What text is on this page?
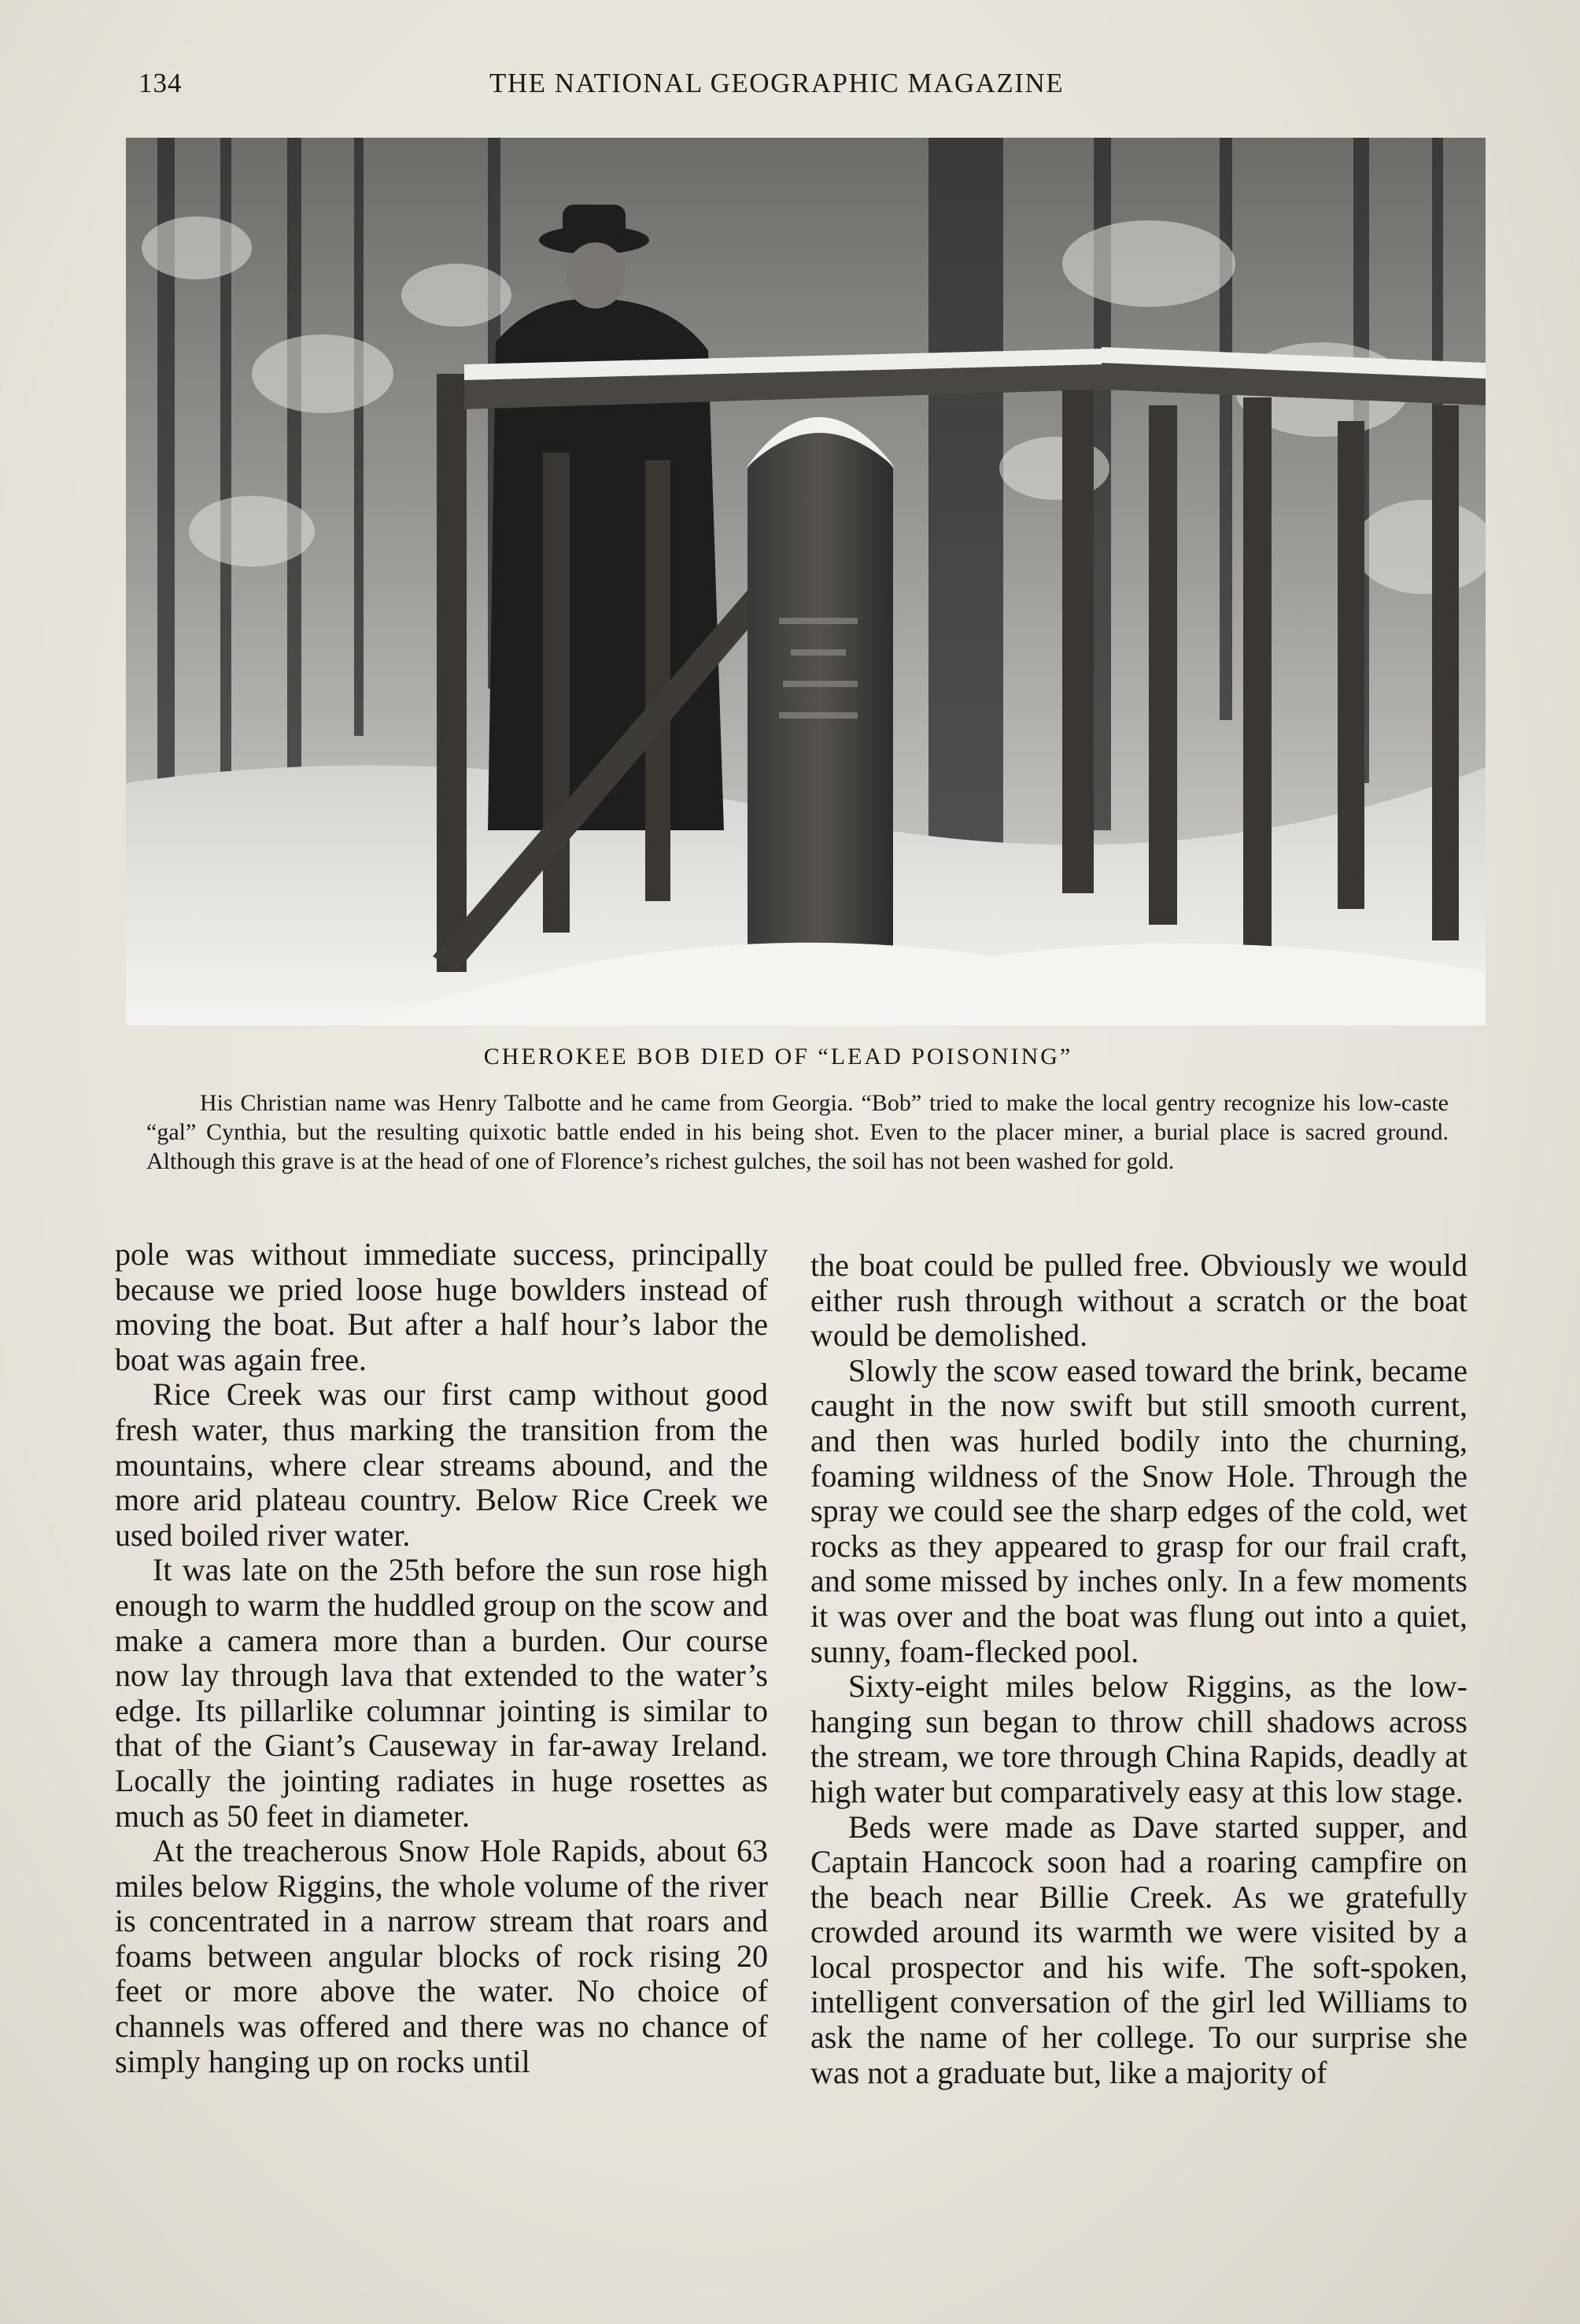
134	THE NATIONAL GEOGRAPHIC MAGAZINE
CHEROKEE BOB DIED OF “LEAD POISONING”
His Christian name was Henry Talbotte and he came from Georgia. “Bob” tried to make the local gentry recognize his low-caste “gal” Cynthia, but the resulting quixotic battle ended in his being shot. Even to the placer miner, a burial place is sacred ground. Although this grave is at the head of one of Florence’s richest gulches, the soil has not been washed for gold.

pole was without immediate success, principally because we pried loose huge bowlders instead of moving the boat. But after a half hour’s labor the boat was again free.

Rice Creek was our first camp without good fresh water, thus marking the transition from the mountains, where clear streams abound, and the more arid plateau country. Below Rice Creek we used boiled river water.

It was late on the 25th before the sun rose high enough to warm the huddled group on the scow and make a camera more than a burden. Our course now lay through lava that extended to the water’s edge. Its pillarlike columnar jointing is similar to that of the Giant’s Causeway in far-away Ireland. Locally the jointing radiates in huge rosettes as much as 50 feet in diameter.

At the treacherous Snow Hole Rapids, about 63 miles below Riggins, the whole volume of the river is concentrated in a narrow stream that roars and foams between angular blocks of rock rising 20 feet or more above the water. No choice of channels was offered and there was no chance of simply hanging up on rocks until

the boat could be pulled free. Obviously we would either rush through without a scratch or the boat would be demolished.

Slowly the scow eased toward the brink, became caught in the now swift but still smooth current, and then was hurled bodily into the churning, foaming wildness of the Snow Hole. Through the spray we could see the sharp edges of the cold, wet rocks as they appeared to grasp for our frail craft, and some missed by inches only. In a few moments it was over and the boat was flung out into a quiet, sunny, foam-flecked pool.

Sixty-eight miles below Riggins, as the low-hanging sun began to throw chill shadows across the stream, we tore through China Rapids, deadly at high water but comparatively easy at this low stage.

Beds were made as Dave started supper, and Captain Hancock soon had a roaring campfire on the beach near Billie Creek. As we gratefully crowded around its warmth we were visited by a local prospector and his wife. The soft-spoken, intelligent conversation of the girl led Williams to ask the name of her college. To our surprise she was not a graduate but, like a majority of
